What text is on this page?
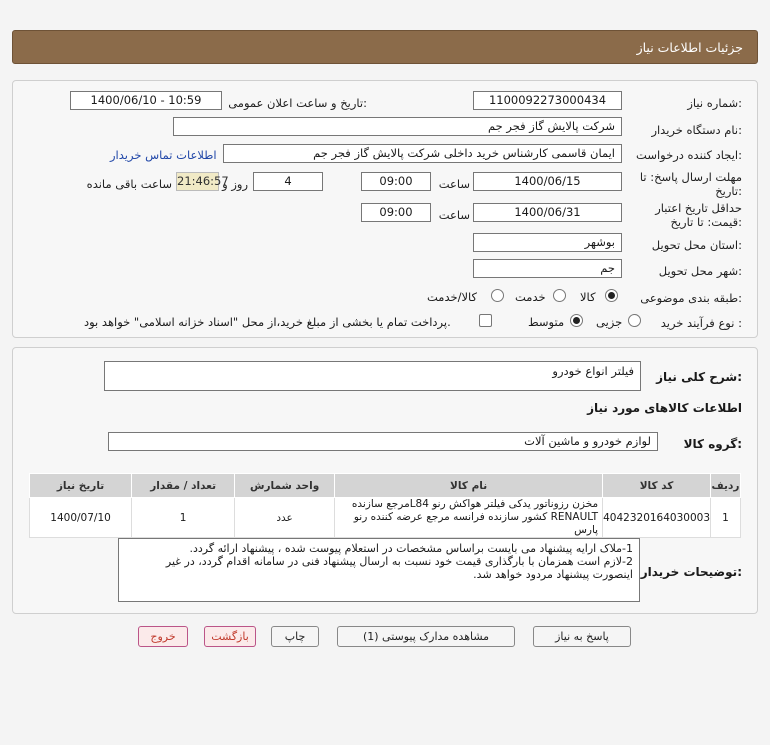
جزئیات اطلاعات نیاز
شماره نیاز:
1100092273000434
تاریخ و ساعت اعلان عمومی:
1400/06/10 - 10:59
نام دستگاه خریدار:
شرکت پالایش گاز فجر جم
ایجاد کننده درخواست:
ایمان قاسمی کارشناس خرید داخلی شرکت پالایش گاز فجر جم
اطلاعات تماس خریدار
مهلت ارسال پاسخ: تا تاریخ:
1400/06/15
ساعت
09:00
4
روز و
21:46:57
ساعت باقی مانده
حداقل تاریخ اعتبار قیمت: تا تاریخ:
1400/06/31
ساعت
09:00
استان محل تحویل:
بوشهر
شهر محل تحویل:
جم
طبقه بندی موضوعی:
کالا
خدمت
کالا/خدمت
نوع فرآیند خرید :
جزیی
متوسط
پرداخت تمام یا بخشی از مبلغ خرید،از محل "اسناد خزانه اسلامی" خواهد بود.
شرح کلی نیاز:
فیلتر انواع خودرو
اطلاعات کالاهای مورد نیاز
گروه کالا:
لوازم خودرو و ماشین آلات
ردیف	کد کالا	نام کالا	واحد شمارش	تعداد / مقدار	تاریخ نیاز
1	4042320164030003	مخزن رزوناتور یدکی فیلتر هواکش رنو L84مرجع سازنده RENAULT کشور سازنده فرانسه مرجع عرضه کننده رنو پارس	عدد	1	1400/07/10
توضیحات خریدار:
1-ملاک ارایه پیشنهاد می بایست براساس مشخصات در استعلام پیوست شده ، پیشنهاد ارائه گردد.
2-لازم است همزمان با بارگذاری قیمت خود نسبت به ارسال پیشنهاد فنی در سامانه اقدام گردد، در غیر اینصورت پیشنهاد مردود خواهد شد.
پاسخ به نیاز
مشاهده مدارک پیوستی (1)
چاپ
بازگشت
خروج
